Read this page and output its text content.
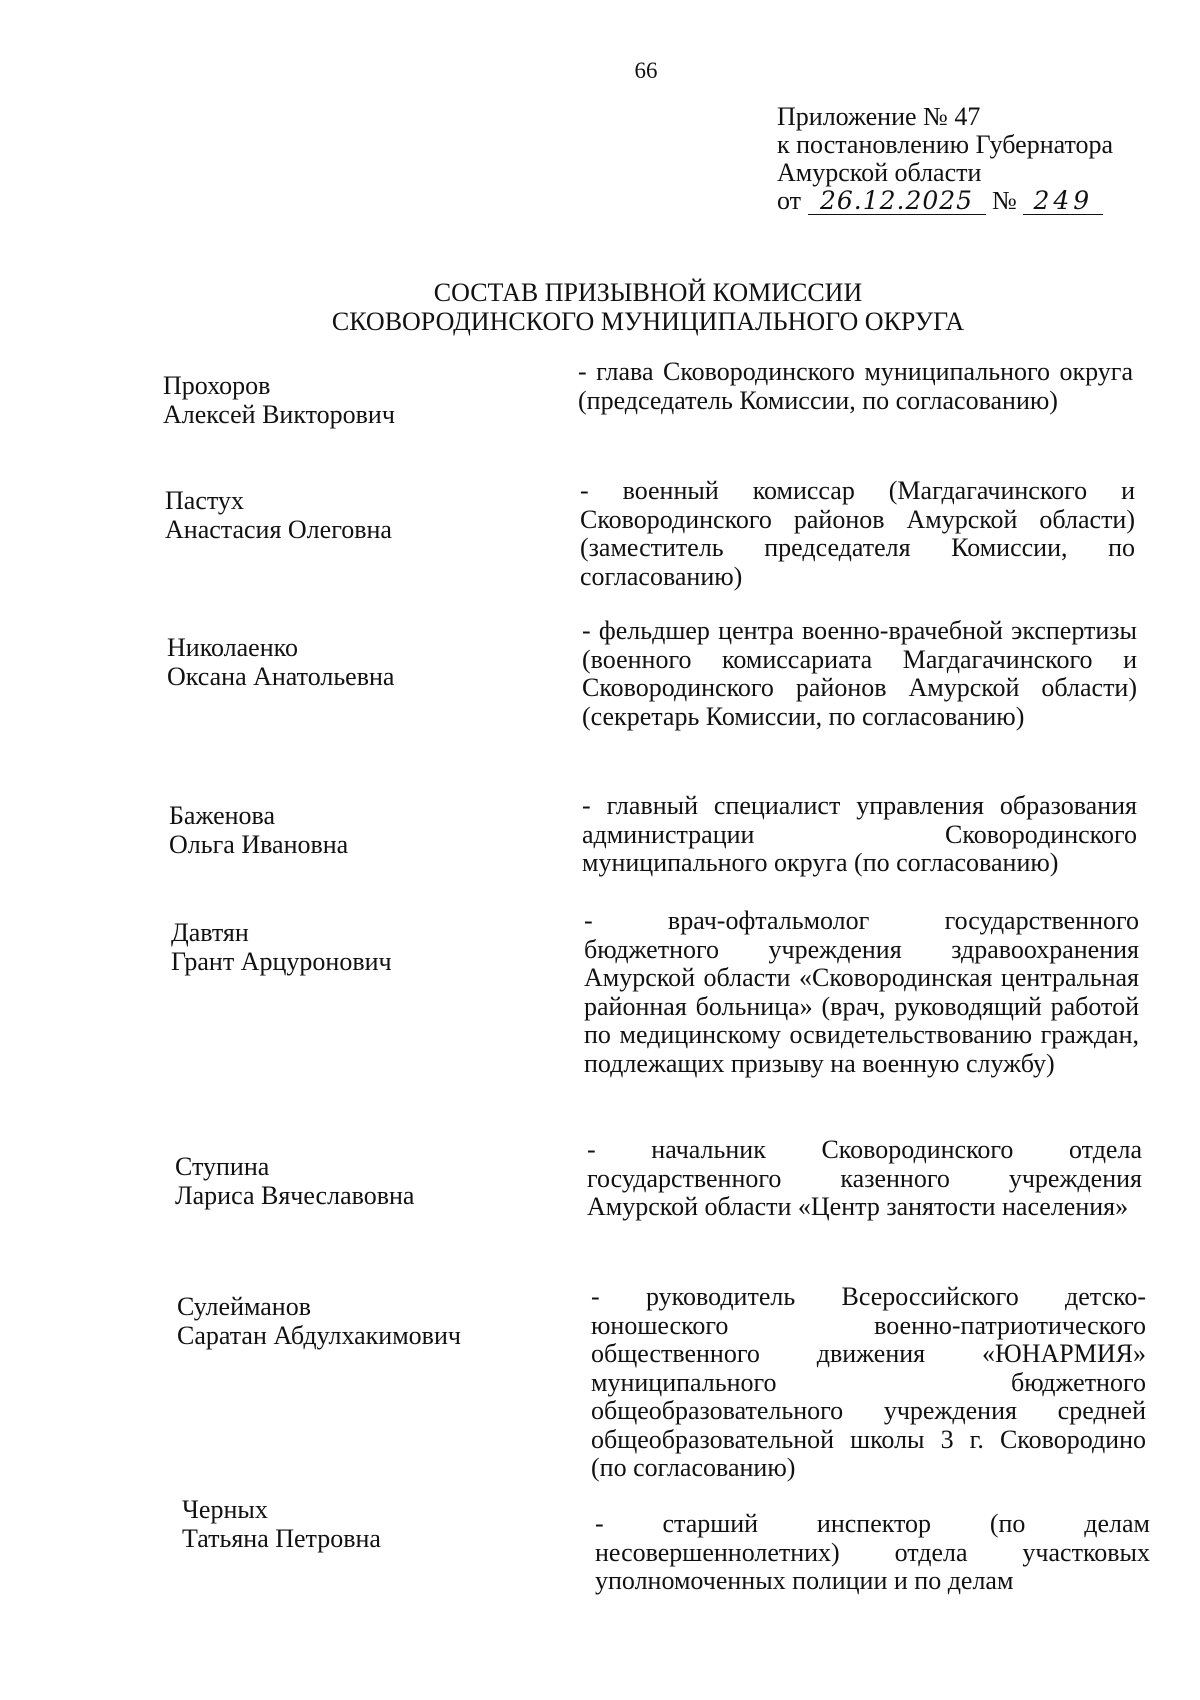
66
Приложение № 47
к постановлению Губернатора
Амурской области
от 26.12.2025 № 249
СОСТАВ ПРИЗЫВНОЙ КОМИССИИ
СКОВОРОДИНСКОГО МУНИЦИПАЛЬНОГО ОКРУГА
Прохоров
Алексей Викторович
- глава Сковородинского муниципального округа (председатель Комиссии, по согласованию)
Пастух
Анастасия Олеговна
- военный комиссар (Магдагачинского и Сковородинского районов Амурской области) (заместитель председателя Комиссии, по согласованию)
Николаенко
Оксана Анатольевна
- фельдшер центра военно-врачебной экспертизы (военного комиссариата Магдагачинского и Сковородинского районов Амурской области) (секретарь Комиссии, по согласованию)
Баженова
Ольга Ивановна
- главный специалист управления образования администрации Сковородинского муниципального округа (по согласованию)
Давтян
Грант Арцуронович
- врач-офтальмолог государственного бюджетного учреждения здравоохранения Амурской области «Сковородинская центральная районная больница» (врач, руководящий работой по медицинскому освидетельствованию граждан, подлежащих призыву на военную службу)
Ступина
Лариса Вячеславовна
- начальник Сковородинского отдела государственного казенного учреждения Амурской области «Центр занятости населения»
Сулейманов
Саратан Абдулхакимович
- руководитель Всероссийского детско-юношеского военно-патриотического общественного движения «ЮНАРМИЯ» муниципального бюджетного общеобразовательного учреждения средней общеобразовательной школы 3 г. Сковородино (по согласованию)
Черных
Татьяна Петровна	- старший инспектор (по делам несовершеннолетних) отдела участковых уполномоченных полиции и по делам
